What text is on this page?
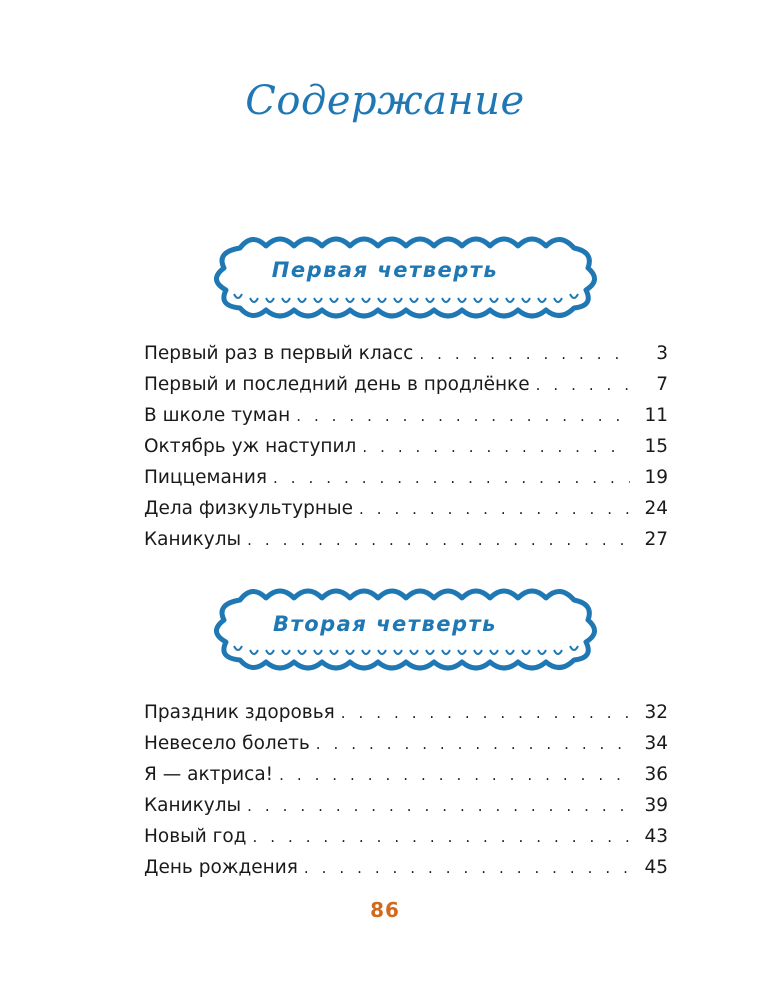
Содержание
Первая четверть
Первый раз в первый класс . . .	3
Первый и последний день в продлёнке . . .	7
В школе туман . . .	11
Октябрь уж наступил . . .	15
Пиццемания . . .	19
Дела физкультурные . . .	24
Каникулы . . .	27
Вторая четверть
Праздник здоровья . . .	32
Невесело болеть . . .	34
Я — актриса! . . .	36
Каникулы . . .	39
Новый год . . .	43
День рождения . . .	45
86
